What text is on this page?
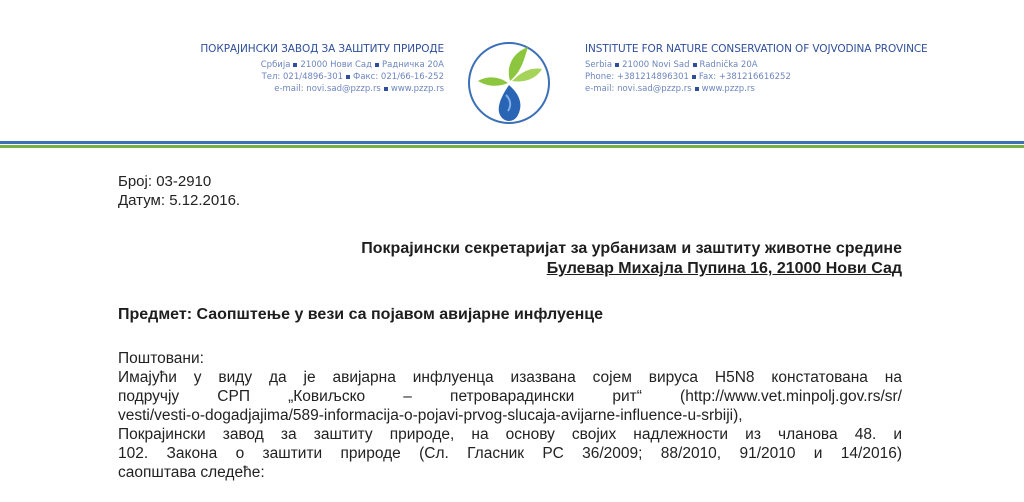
ПОКРАЈИНСКИ ЗАВОД ЗА ЗАШТИТУ ПРИРОДЕ
Србија 21000 Нови Сад Радничка 20А
Тел: 021/4896-301 Факс: 021/66-16-252
e-mail: novi.sad@pzzp.rs www.pzzp.rs
INSTITUTE FOR NATURE CONSERVATION OF VOJVODINA PROVINCE
Serbia 21000 Novi Sad Radnička 20A
Phone: +381214896301 Fax: +381216616252
e-mail: novi.sad@pzzp.rs www.pzzp.rs
Број: 03-2910
Датум: 5.12.2016.
Покрајински секретаријат за урбанизам и заштиту животне средине
Булевар Михајла Пупина 16, 21000 Нови Сад
Предмет: Саопштење у вези са појавом авијарне инфлуенце
Поштовани:
Имајући у виду да је авијарна инфлуенца изазвана сојем вируса H5N8 констатована на
подручју СРП „Ковиљско – петроварадински рит“ (http://www.vet.minpolj.gov.rs/sr/
vesti/vesti-o-dogadjajima/589-informacija-o-pojavi-prvog-slucaja-avijarne-influence-u-srbiji),
Покрајински завод за заштиту природе, на основу својих надлежности из чланова 48. и
102. Закона о заштити природе (Сл. Гласник РС 36/2009; 88/2010, 91/2010 и 14/2016)
саопштава следеће:
